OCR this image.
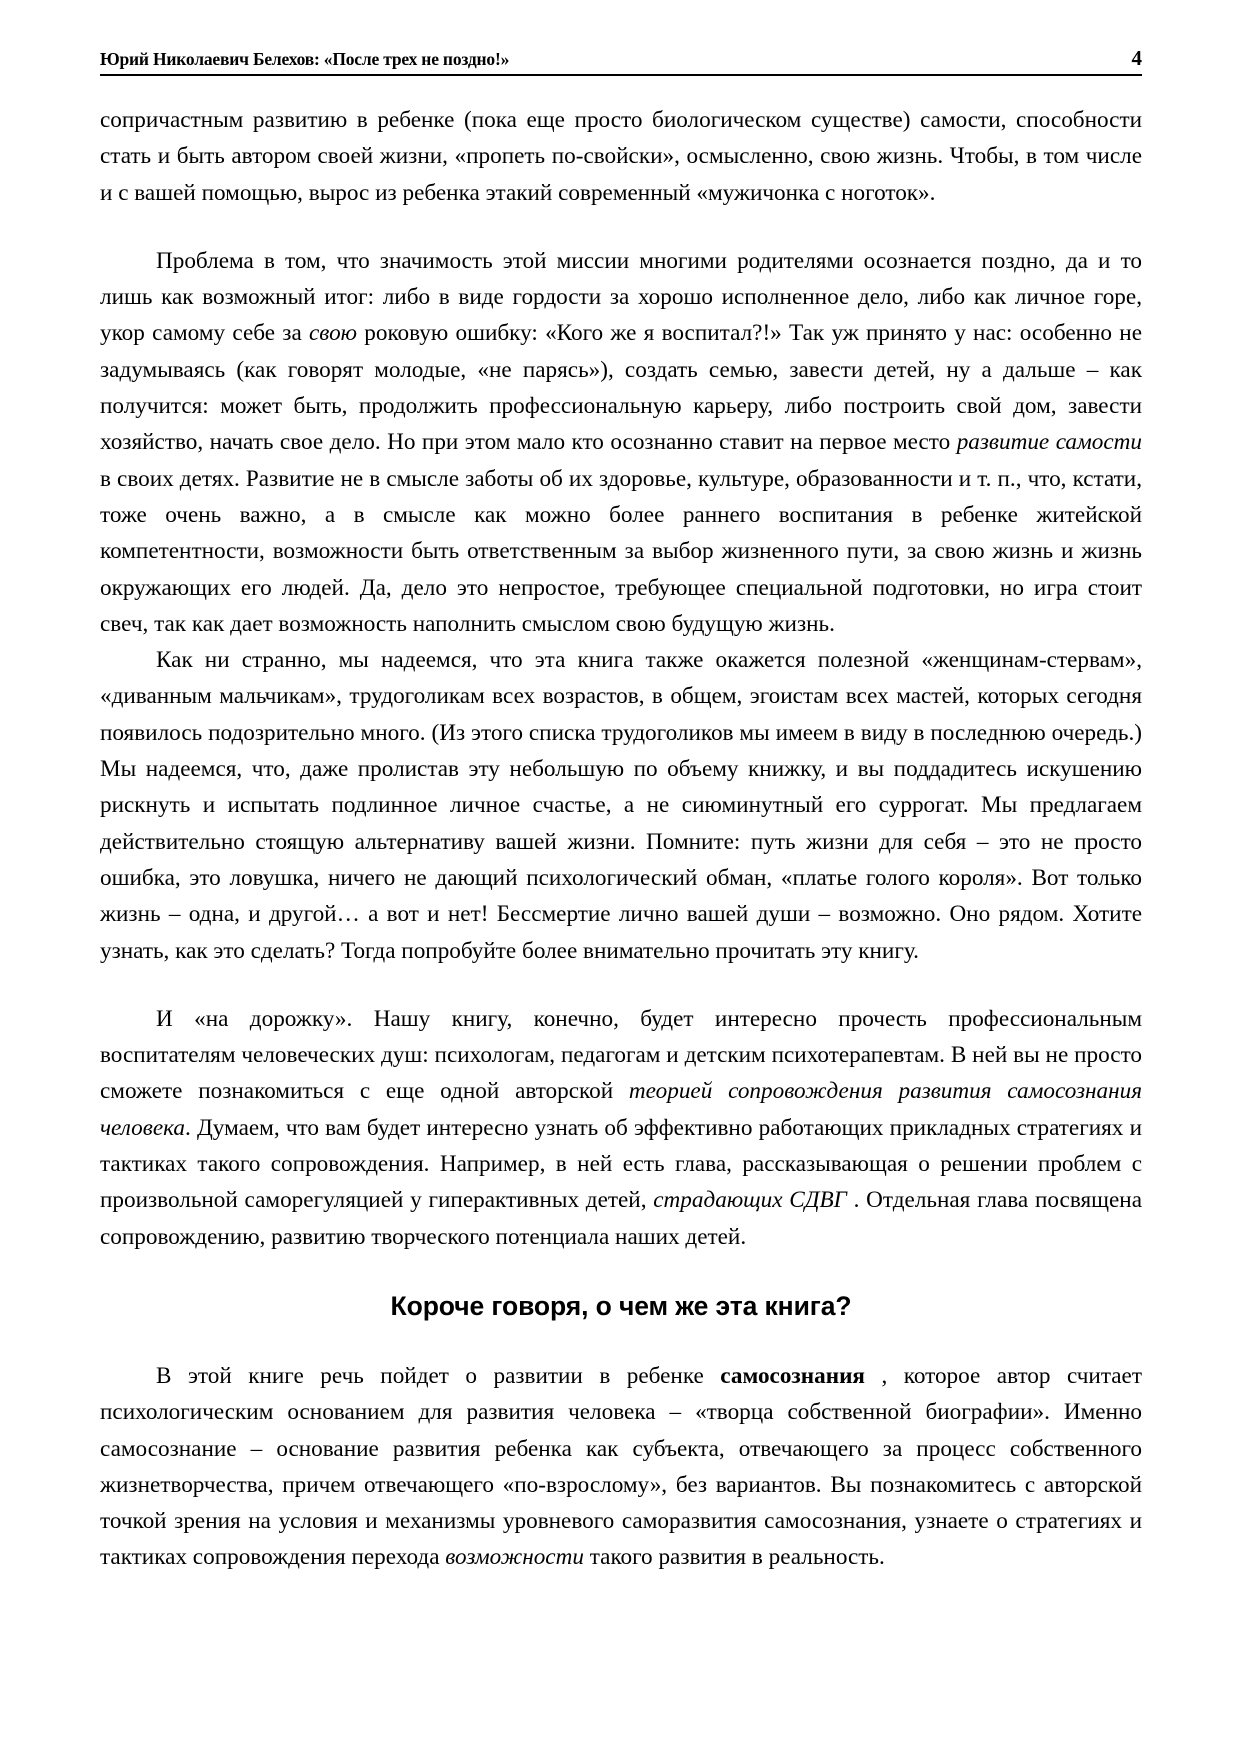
Юрий Николаевич Белехов: «После трех не поздно!»	4

сопричастным развитию в ребенке (пока еще просто биологическом существе) самости, способности стать и быть автором своей жизни, «пропеть по-свойски», осмысленно, свою жизнь. Чтобы, в том числе и с вашей помощью, вырос из ребенка этакий современный «мужичонка с ноготок».

Проблема в том, что значимость этой миссии многими родителями осознается поздно, да и то лишь как возможный итог: либо в виде гордости за хорошо исполненное дело, либо как личное горе, укор самому себе за свою роковую ошибку: «Кого же я воспитал?!» Так уж принято у нас: особенно не задумываясь (как говорят молодые, «не парясь»), создать семью, завести детей, ну а дальше – как получится: может быть, продолжить профессиональную карьеру, либо построить свой дом, завести хозяйство, начать свое дело. Но при этом мало кто осознанно ставит на первое место развитие самости в своих детях. Развитие не в смысле заботы об их здоровье, культуре, образованности и т. п., что, кстати, тоже очень важно, а в смысле как можно более раннего воспитания в ребенке житейской компетентности, возможности быть ответственным за выбор жизненного пути, за свою жизнь и жизнь окружающих его людей. Да, дело это непростое, требующее специальной подготовки, но игра стоит свеч, так как дает возможность наполнить смыслом свою будущую жизнь.

Как ни странно, мы надеемся, что эта книга также окажется полезной «женщинам-стервам», «диванным мальчикам», трудоголикам всех возрастов, в общем, эгоистам всех мастей, которых сегодня появилось подозрительно много. (Из этого списка трудоголиков мы имеем в виду в последнюю очередь.) Мы надеемся, что, даже пролистав эту небольшую по объему книжку, и вы поддадитесь искушению рискнуть и испытать подлинное личное счастье, а не сиюминутный его суррогат. Мы предлагаем действительно стоящую альтернативу вашей жизни. Помните: путь жизни для себя – это не просто ошибка, это ловушка, ничего не дающий психологический обман, «платье голого короля». Вот только жизнь – одна, и другой… а вот и нет! Бессмертие лично вашей души – возможно. Оно рядом. Хотите узнать, как это сделать? Тогда попробуйте более внимательно прочитать эту книгу.

И «на дорожку». Нашу книгу, конечно, будет интересно прочесть профессиональным воспитателям человеческих душ: психологам, педагогам и детским психотерапевтам. В ней вы не просто сможете познакомиться с еще одной авторской теорией сопровождения развития самосознания человека. Думаем, что вам будет интересно узнать об эффективно работающих прикладных стратегиях и тактиках такого сопровождения. Например, в ней есть глава, рассказывающая о решении проблем с произвольной саморегуляцией у гиперактивных детей, страдающих СДВГ . Отдельная глава посвящена сопровождению, развитию творческого потенциала наших детей.

Короче говоря, о чем же эта книга?

В этой книге речь пойдет о развитии в ребенке самосознания , которое автор считает психологическим основанием для развития человека – «творца собственной биографии». Именно самосознание – основание развития ребенка как субъекта, отвечающего за процесс собственного жизнетворчества, причем отвечающего «по-взрослому», без вариантов. Вы познакомитесь с авторской точкой зрения на условия и механизмы уровневого саморазвития самосознания, узнаете о стратегиях и тактиках сопровождения перехода возможности такого развития в реальность.
